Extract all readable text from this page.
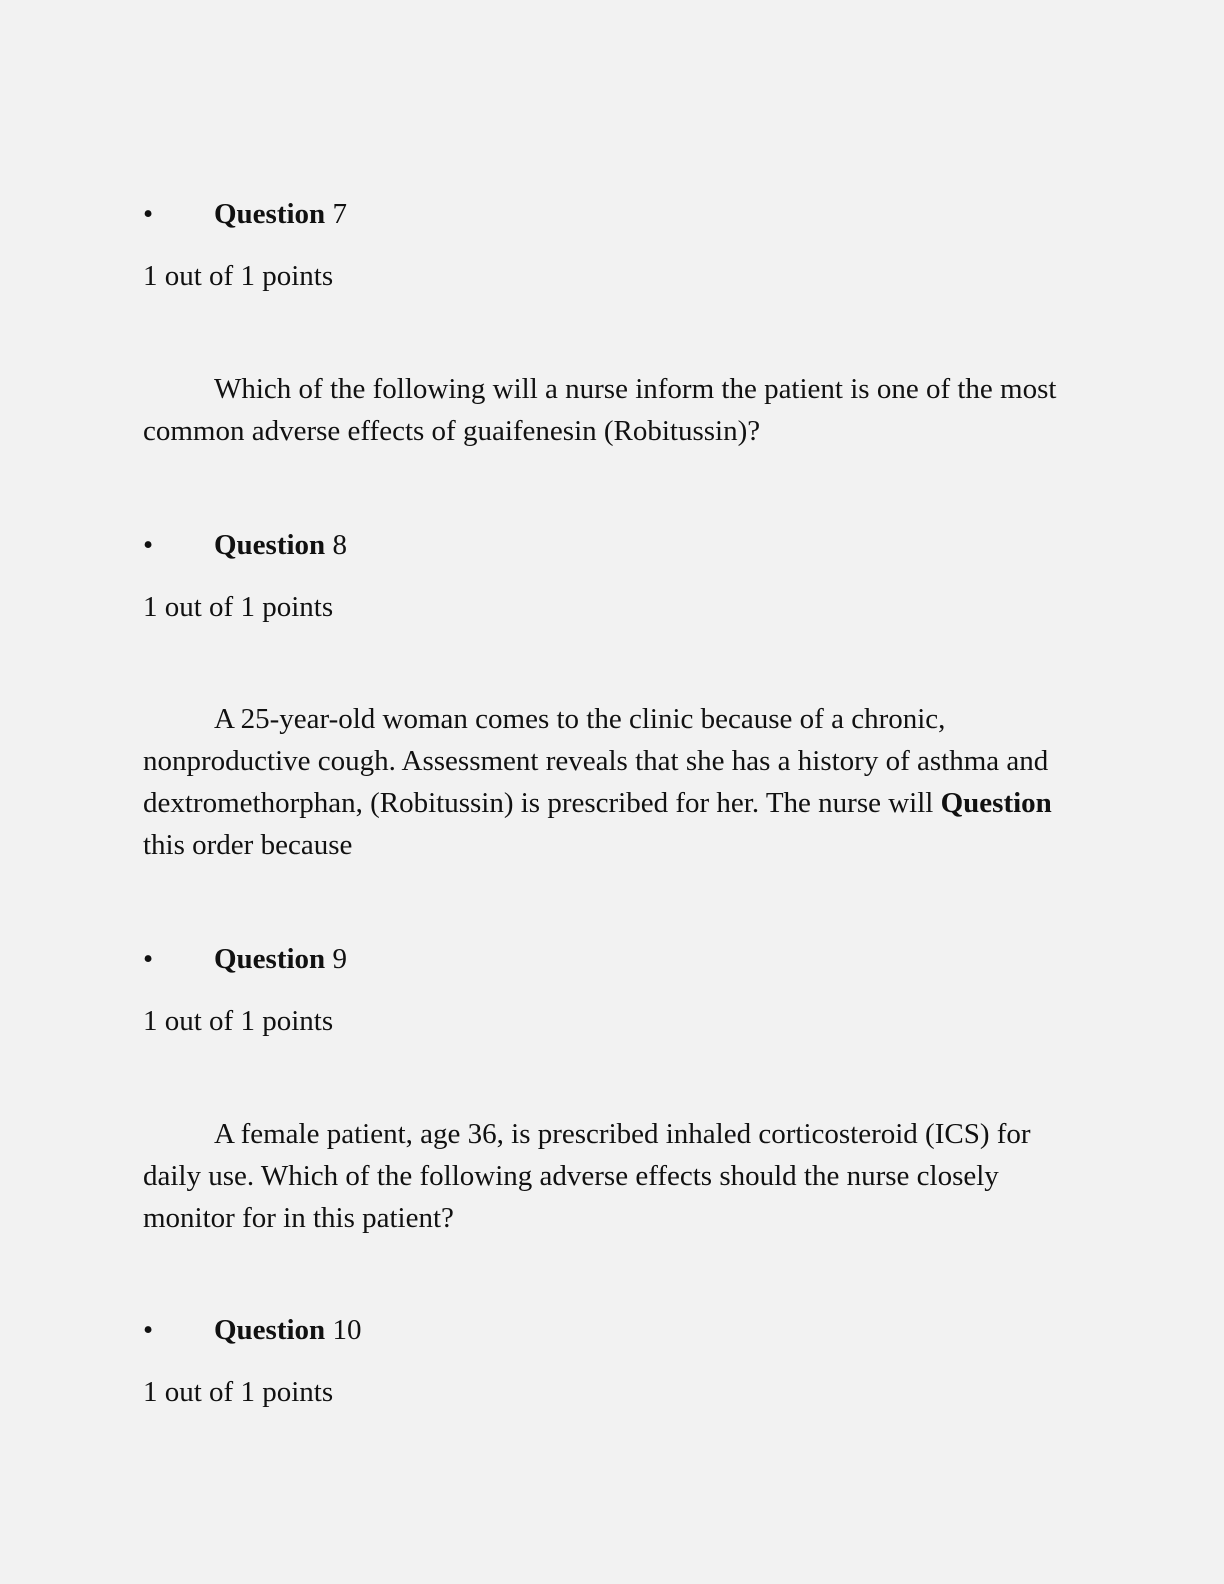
• Question 7
1 out of 1 points

Which of the following will a nurse inform the patient is one of the most common adverse effects of guaifenesin (Robitussin)?

• Question 8
1 out of 1 points

A 25-year-old woman comes to the clinic because of a chronic, nonproductive cough. Assessment reveals that she has a history of asthma and dextromethorphan, (Robitussin) is prescribed for her. The nurse will Question this order because

• Question 9
1 out of 1 points

A female patient, age 36, is prescribed inhaled corticosteroid (ICS) for daily use. Which of the following adverse effects should the nurse closely monitor for in this patient?

• Question 10
1 out of 1 points
